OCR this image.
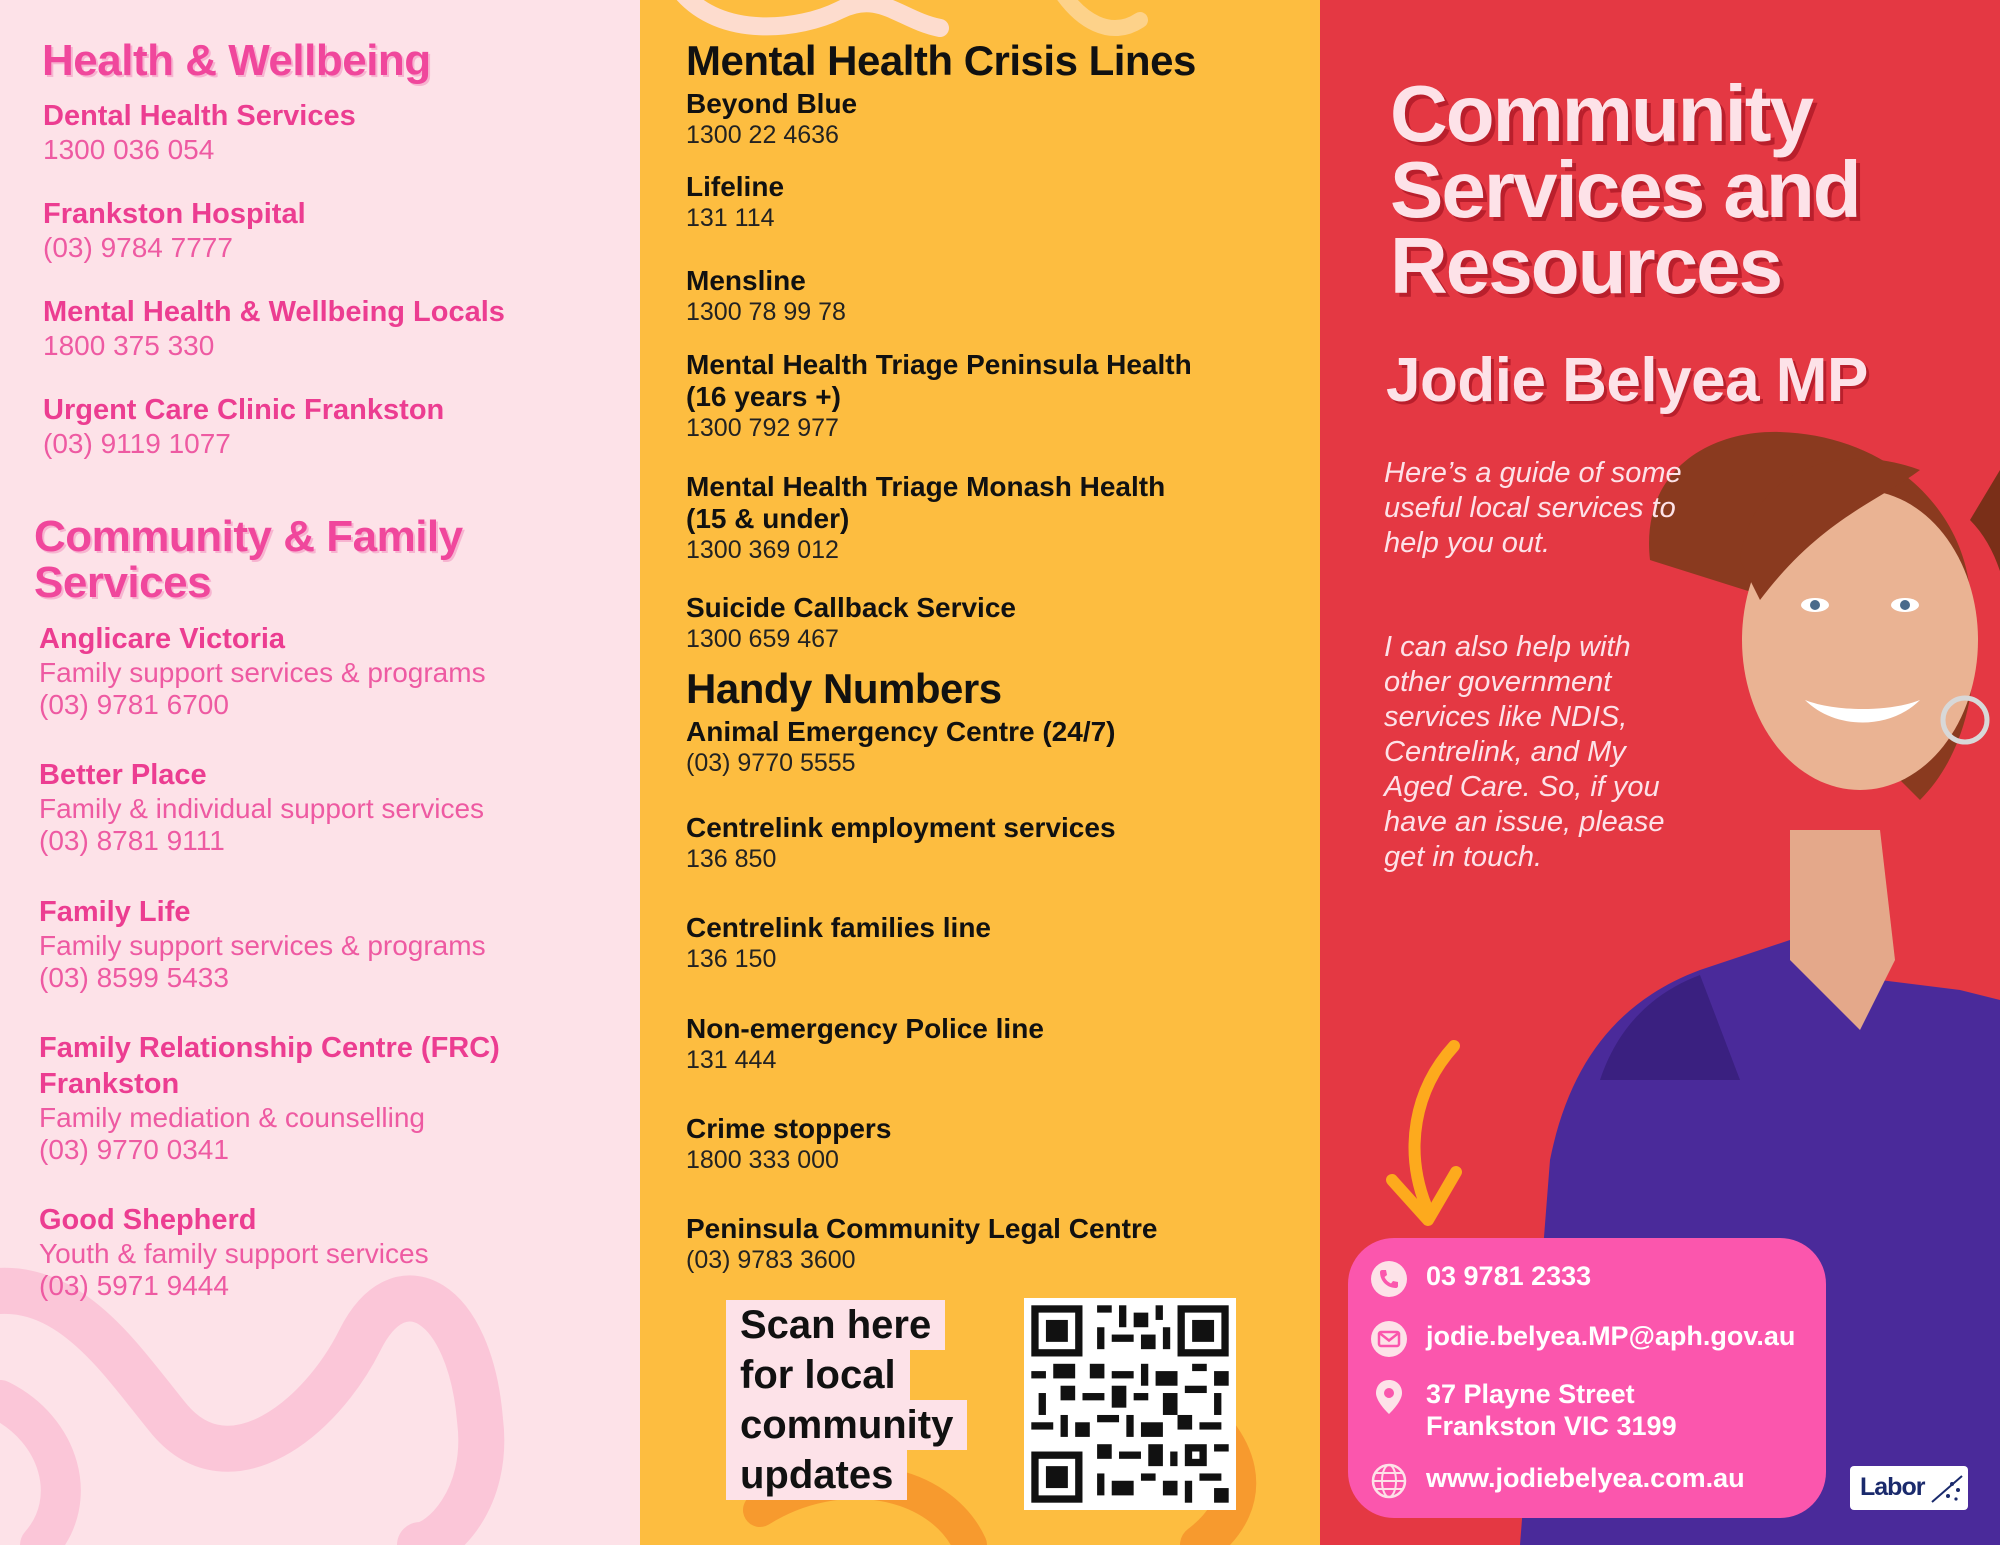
Health & Wellbeing
Dental Health Services
1300 036 054
Frankston Hospital
(03) 9784 7777
Mental Health & Wellbeing Locals
1800 375 330
Urgent Care Clinic Frankston
(03) 9119 1077
Community & Family
Services
Anglicare Victoria
Family support services & programs
(03) 9781 6700
Better Place
Family & individual support services
(03) 8781 9111
Family Life
Family support services & programs
(03) 8599 5433
Family Relationship Centre (FRC)
Frankston
Family mediation & counselling
(03) 9770 0341
Good Shepherd
Youth & family support services
(03) 5971 9444
Mental Health Crisis Lines
Beyond Blue
1300 22 4636
Lifeline
131 114
Mensline
1300 78 99 78
Mental Health Triage Peninsula Health
(16 years +)
1300 792 977
Mental Health Triage Monash Health
(15 & under)
1300 369 012
Suicide Callback Service
1300 659 467
Handy Numbers
Animal Emergency Centre (24/7)
(03) 9770 5555
Centrelink employment services
136 850
Centrelink families line
136 150
Non-emergency Police line
131 444
Crime stoppers
1800 333 000
Peninsula Community Legal Centre
(03) 9783 3600
Scan here
for local
community
updates
Community
Services and
Resources
Jodie Belyea MP

Here’s a guide of some useful local services to help you out.

I can also help with other government services like NDIS, Centrelink, and My Aged Care. So, if you have an issue, please get in touch.

03 9781 2333
jodie.belyea.MP@aph.gov.au
37 Playne Street
Frankston VIC 3199
www.jodiebelyea.com.au	Labor
